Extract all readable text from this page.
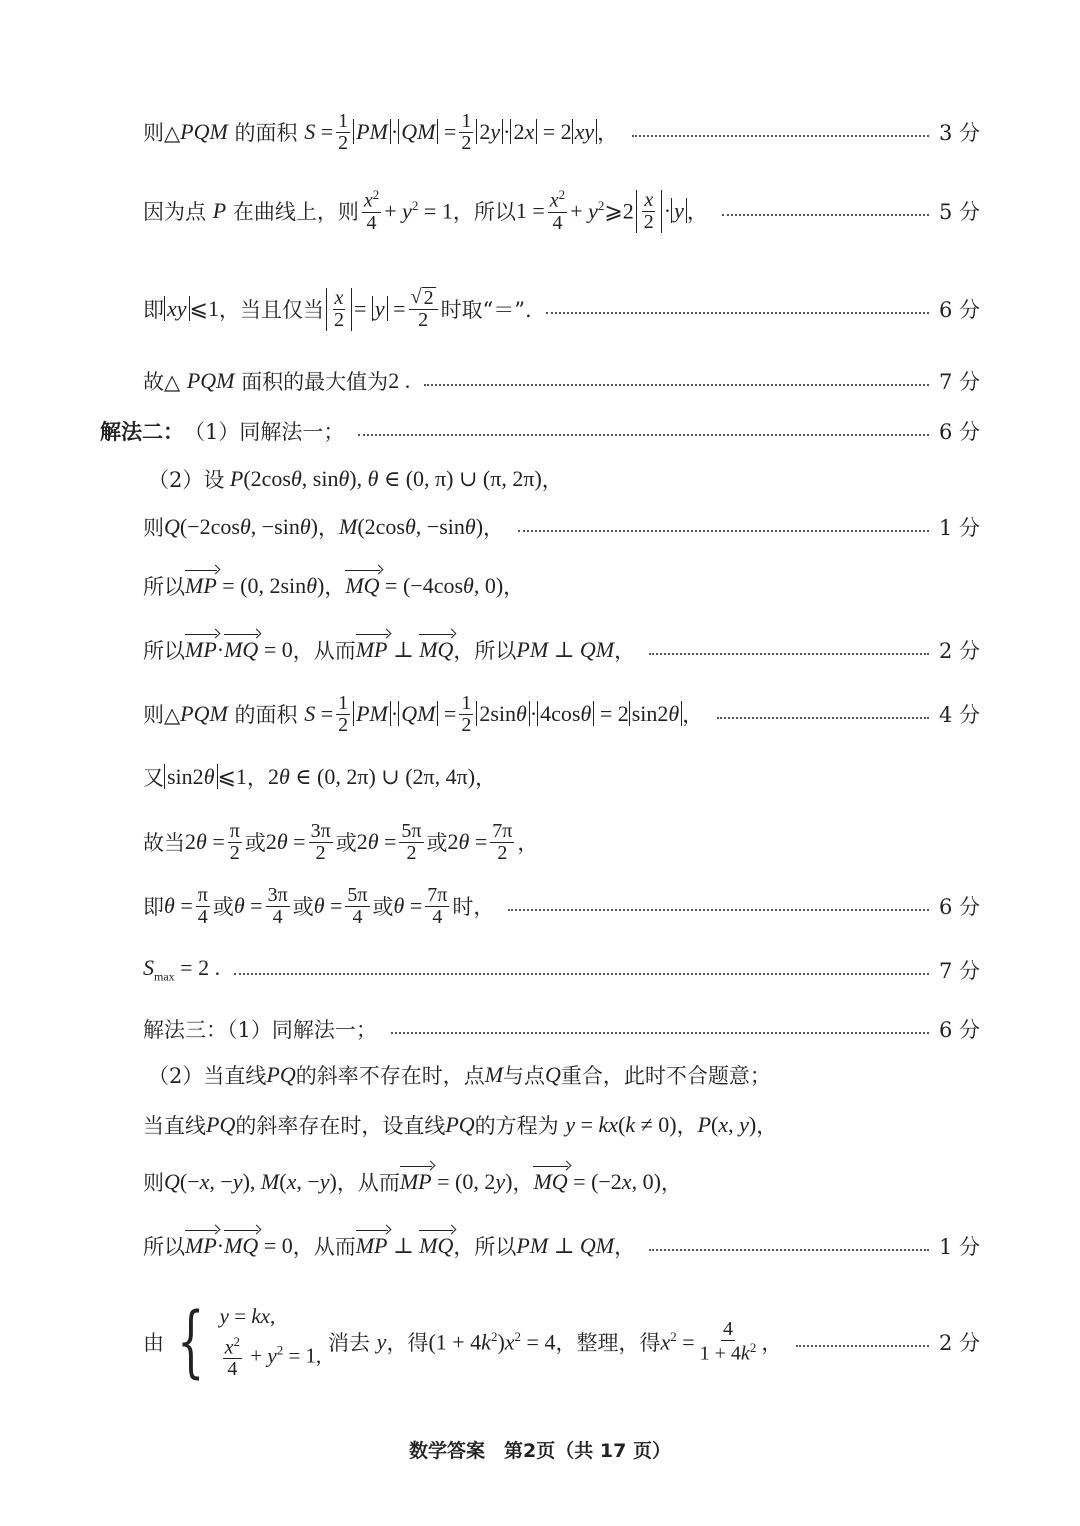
则△ PQM
的面积
$S = \frac{1}{2}$ PM · QM = $\frac{1}{2} 2y \cdot 2x = 2$ xy ，	3 分
因为点
P
在曲线上，则 $\frac{x^2}{4} + y^2 = 1$ ， 所以 $1 = \frac{x^2}{4}$ + $y^2⩾2 \frac{x}{2} \cdot y$ ，	5 分
即 xy ⩽1 ，当且仅当 $\frac{x}{2} = y = \frac{√ 2}{2}$ 时取“＝”.	6 分
故△
PQM
面积的最大值为 2 .	7 分
解法二： （1）同解法一；	6 分
（2）设 P(2cosθ, sinθ), θ ∈ (0, π) ∪ (π, 2π) ，
则 Q(−2cosθ, −sinθ) ， M(2cosθ, −sinθ) ，	1 分
所以 MP = (0, 2sinθ) ， MQ = (−4cosθ, 0) ，
所以 MP·MQ = 0 ，从而 MP ⊥ MQ ， 所以 PM ⊥ QM ，	2 分
则△ PQM
的面积
$S = \frac{1}{2}$ PM · QM = $\frac{1}{2} 2\sin\theta \cdot 4\cos\theta = 2$ sin2θ ，	4 分
又 sin2θ ⩽1 ， 2θ ∈ (0, 2π) ∪ (2π, 4π) ，
故当 $2\theta = \frac{\pi}{2}$ 或 $2\theta = \frac{3\pi}{2}$ 或 $2\theta = \frac{5\pi}{2}$ 或 $2\theta = \frac{7\pi}{2}$ ，
即 $\theta = \frac{\pi}{4}$ 或 $\theta = \frac{3\pi}{4}$ 或 $\theta = \frac{5\pi}{4}$ 或 $\theta = \frac{7\pi}{4}$ 时，	6 分
$S_{max} = 2$ .	7 分
解法三：（1）同解法一；	6 分
（2）当直线 PQ 的斜率不存在时，点 M 与点 Q 重合，此时不合题意；
当直线 PQ 的斜率存在时，设直线 PQ 的方程为
y = kx(k ≠ 0) ， P(x, y) ，
则 Q(−x, −y), M(x, −y) ，从而 MP = (0, 2y) ， MQ = (−2x, 0) ，
所以 MP·MQ = 0 ，从而 MP ⊥ MQ ， 所以 PM ⊥ QM ，	1 分
由 { y = kx,
$\frac{x^2}{4} + y^2 = 1$,

消去
y ，得 $(1 + 4k^2)x^2 = 4$ ，整理，得 $x^2 = \frac{4}{1 + 4k^2}$ ，	2 分
数学答案　第2页（共 17 页）
